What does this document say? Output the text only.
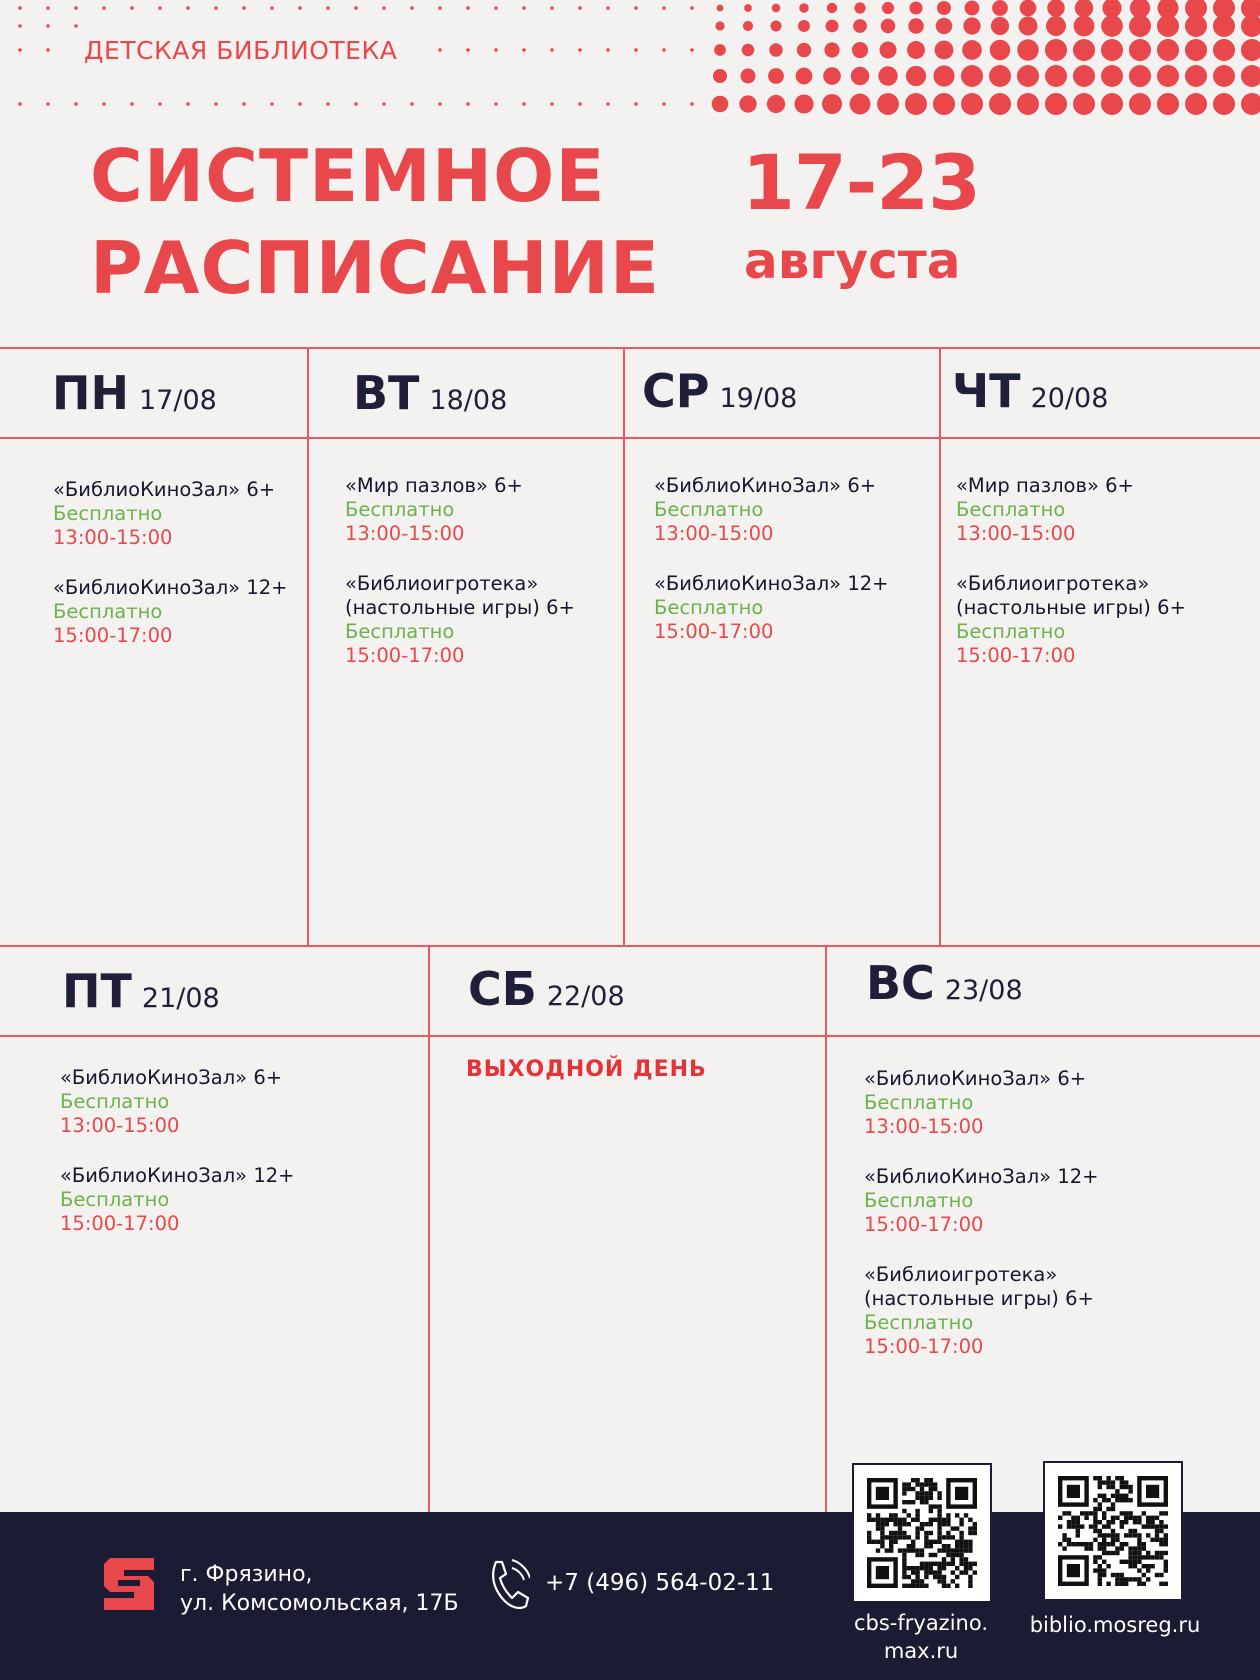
ДЕТСКАЯ БИБЛИОТЕКА
СИСТЕМНОЕ
РАСПИСАНИЕ
17-23
августа
ПН 17/08
«БиблиоКиноЗал» 6+
Бесплатно
13:00-15:00
«БиблиоКиноЗал» 12+
Бесплатно
15:00-17:00
ВТ 18/08
«Мир пазлов» 6+
Бесплатно
13:00-15:00
«Библиоигротека» (настольные игры) 6+
Бесплатно
15:00-17:00
СР 19/08
«БиблиоКиноЗал» 6+
Бесплатно
13:00-15:00
«БиблиоКиноЗал» 12+
Бесплатно
15:00-17:00
ЧТ 20/08
«Мир пазлов» 6+
Бесплатно
13:00-15:00
«Библиоигротека» (настольные игры) 6+
Бесплатно
15:00-17:00
ПТ 21/08
«БиблиоКиноЗал» 6+
Бесплатно
13:00-15:00
«БиблиоКиноЗал» 12+
Бесплатно
15:00-17:00
СБ 22/08
ВЫХОДНОЙ ДЕНЬ
ВС 23/08
«БиблиоКиноЗал» 6+
Бесплатно
13:00-15:00
«БиблиоКиноЗал» 12+
Бесплатно
15:00-17:00
«Библиоигротека» (настольные игры) 6+
Бесплатно
15:00-17:00
г. Фрязино,
ул. Комсомольская, 17Б
+7 (496) 564-02-11
cbs-fryazino.
max.ru
biblio.mosreg.ru
